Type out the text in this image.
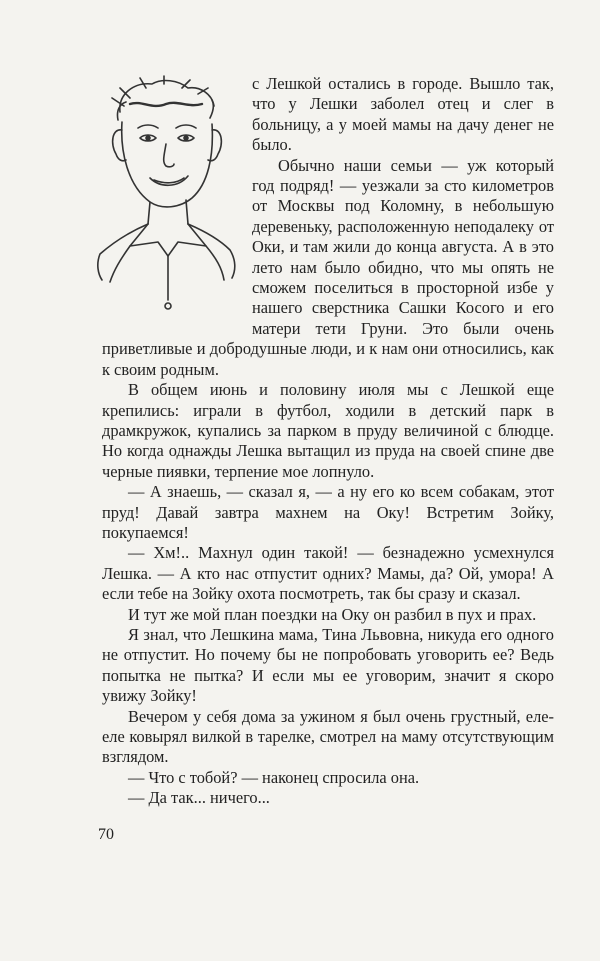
с Лешкой остались в городе. Вышло так, что у Лешки заболел отец и слег в больницу, а у моей мамы на дачу денег не было.

Обычно наши семьи — уж который год подряд! — уезжали за сто километров от Москвы под Коломну, в небольшую деревеньку, расположенную неподалеку от Оки, и там жили до конца августа. А в это лето нам было обидно, что мы опять не сможем поселиться в просторной избе у нашего сверстника Сашки Косого и его матери тети Груни. Это были очень приветливые и добродушные люди, и к нам они относились, как к своим родным.

В общем июнь и половину июля мы с Лешкой еще крепились: играли в футбол, ходили в детский парк в драмкружок, купались за парком в пруду величиной с блюдце. Но когда однажды Лешка вытащил из пруда на своей спине две черные пиявки, терпение мое лопнуло.

— А знаешь, — сказал я, — а ну его ко всем собакам, этот пруд! Давай завтра махнем на Оку! Встретим Зойку, покупаемся!

— Хм!.. Махнул один такой! — безнадежно усмехнулся Лешка. — А кто нас отпустит одних? Мамы, да? Ой, умора! А если тебе на Зойку охота посмотреть, так бы сразу и сказал.

И тут же мой план поездки на Оку он разбил в пух и прах.

Я знал, что Лешкина мама, Тина Львовна, никуда его одного не отпустит. Но почему бы не попробовать уговорить ее? Ведь попытка не пытка? И если мы ее уговорим, значит я скоро увижу Зойку!

Вечером у себя дома за ужином я был очень грустный, еле-еле ковырял вилкой в тарелке, смотрел на маму отсутствующим взглядом.

— Что с тобой? — наконец спросила она.

— Да так... ничего...

70
